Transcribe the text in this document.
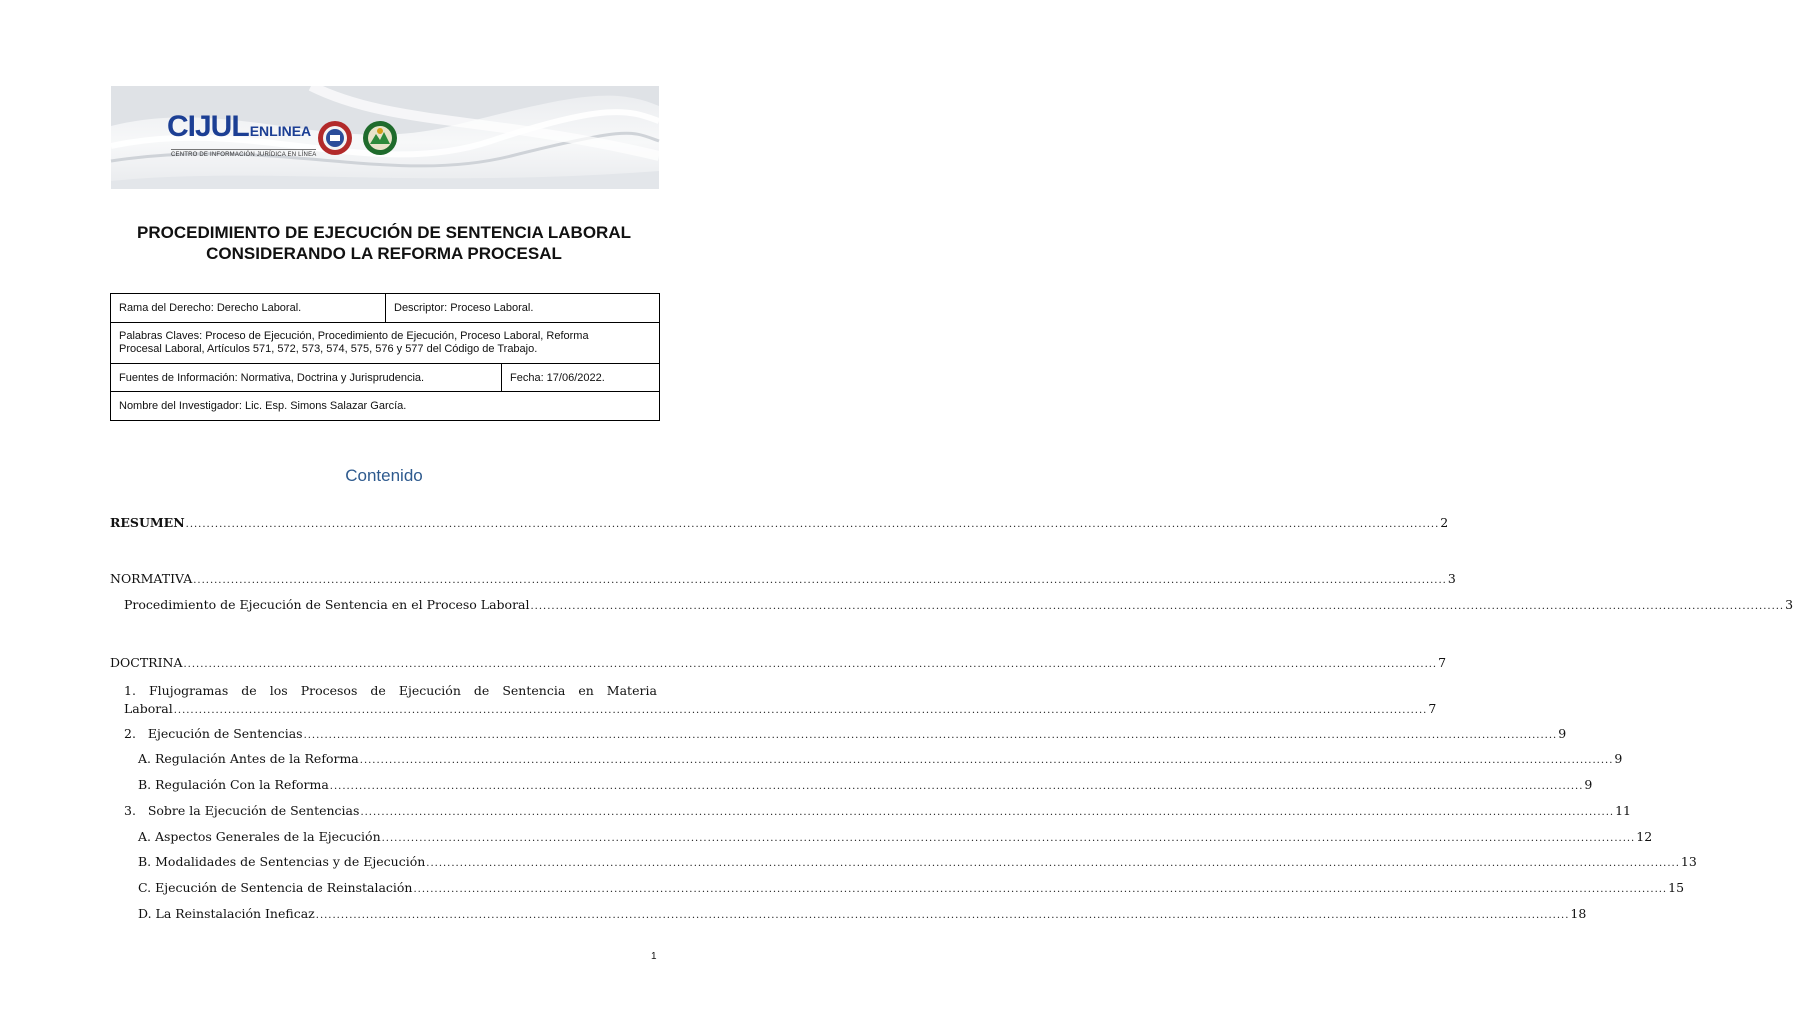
CIJULENLINEA
CENTRO DE INFORMACIÓN JURÍDICA EN LÍNEA
PROCEDIMIENTO DE EJECUCIÓN DE SENTENCIA LABORAL
CONSIDERANDO LA REFORMA PROCESAL
Rama del Derecho: Derecho Laboral.	Descriptor: Proceso Laboral.
Palabras Claves: Proceso de Ejecución, Procedimiento de Ejecución, Proceso Laboral, Reforma
Procesal Laboral, Artículos 571, 572, 573, 574, 575, 576 y 577 del Código de Trabajo.
Fuentes de Información: Normativa, Doctrina y Jurisprudencia.	Fecha: 17/06/2022.
Nombre del Investigador: Lic. Esp. Simons Salazar García.
Contenido
RESUMEN ............................................................................................................................................................................................................................................................................................................ 2
NORMATIVA ............................................................................................................................................................................................................................................................................................................ 3
Procedimiento de Ejecución de Sentencia en el Proceso Laboral ............................................................................................................................................................................................................................................................................................................ 3
DOCTRINA ............................................................................................................................................................................................................................................................................................................ 7
1. Flujogramas de los Procesos de Ejecución de Sentencia en Materia
Laboral ............................................................................................................................................................................................................................................................................................................ 7
2.   Ejecución de Sentencias ............................................................................................................................................................................................................................................................................................................ 9
A. Regulación Antes de la Reforma ............................................................................................................................................................................................................................................................................................................ 9
B. Regulación Con la Reforma ............................................................................................................................................................................................................................................................................................................ 9
3.   Sobre la Ejecución de Sentencias ............................................................................................................................................................................................................................................................................................................ 11
A. Aspectos Generales de la Ejecución ............................................................................................................................................................................................................................................................................................................ 12
B. Modalidades de Sentencias y de Ejecución ............................................................................................................................................................................................................................................................................................................ 13
C. Ejecución de Sentencia de Reinstalación ............................................................................................................................................................................................................................................................................................................ 15
D. La Reinstalación Ineficaz ............................................................................................................................................................................................................................................................................................................ 18
1
